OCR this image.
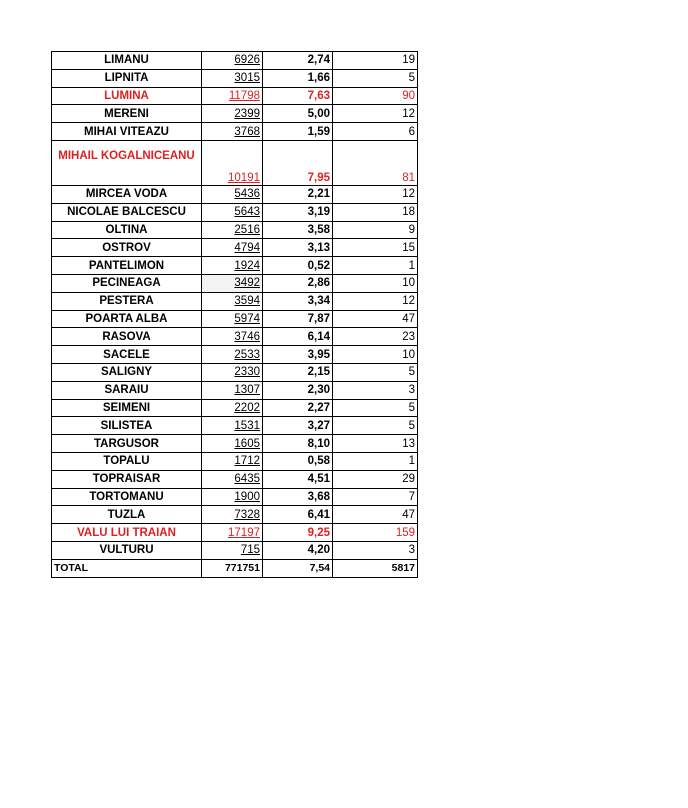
LIMANU	6926	2,74	19
LIPNITA	3015	1,66	5
LUMINA	11798	7,63	90
MERENI	2399	5,00	12
MIHAI VITEAZU	3768	1,59	6
MIHAIL KOGALNICEANU	10191	7,95	81
MIRCEA VODA	5436	2,21	12
NICOLAE BALCESCU	5643	3,19	18
OLTINA	2516	3,58	9
OSTROV	4794	3,13	15
PANTELIMON	1924	0,52	1
PECINEAGA	3492	2,86	10
PESTERA	3594	3,34	12
POARTA ALBA	5974	7,87	47
RASOVA	3746	6,14	23
SACELE	2533	3,95	10
SALIGNY	2330	2,15	5
SARAIU	1307	2,30	3
SEIMENI	2202	2,27	5
SILISTEA	1531	3,27	5
TARGUSOR	1605	8,10	13
TOPALU	1712	0,58	1
TOPRAISAR	6435	4,51	29
TORTOMANU	1900	3,68	7
TUZLA	7328	6,41	47
VALU LUI TRAIAN	17197	9,25	159
VULTURU	715	4,20	3
TOTAL	771751	7,54	5817
